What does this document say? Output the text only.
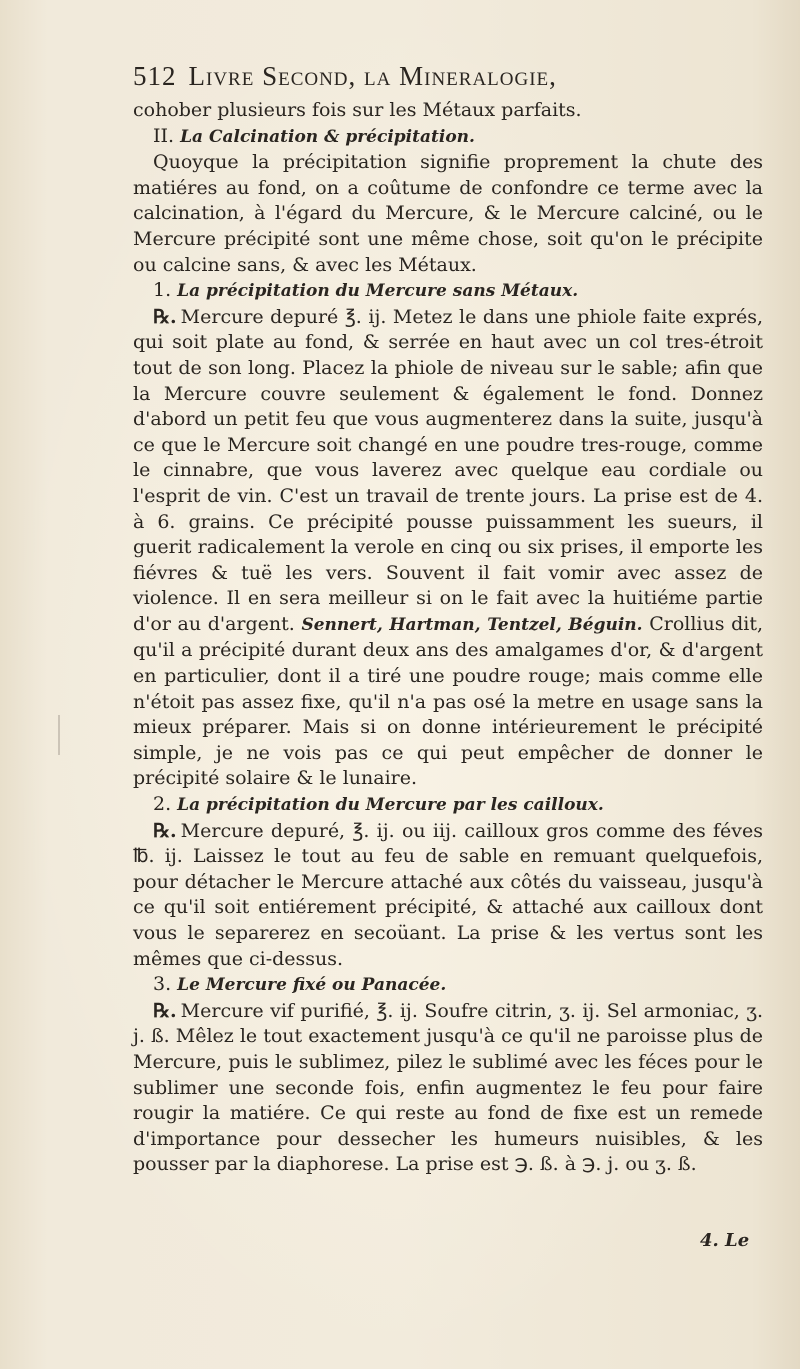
512 Livre Second, la Mineralogie,

cohober plusieurs fois sur les Métaux parfaits.

II. La Calcination & précipitation.

Quoyque la précipitation signifie proprement la chute des matiéres au fond, on a coûtume de confondre ce terme avec la calcination, à l'égard du Mercure, & le Mercure calciné, ou le Mercure précipité sont une même chose, soit qu'on le précipite ou calcine sans, & avec les Métaux.

1. La précipitation du Mercure sans Métaux.

℞. Mercure depuré ℥. ij. Metez le dans une phiole faite exprés, qui soit plate au fond, & serrée en haut avec un col tres-étroit tout de son long. Placez la phiole de niveau sur le sable; afin que la Mercure couvre seulement & également le fond. Donnez d'abord un petit feu que vous augmenterez dans la suite, jusqu'à ce que le Mercure soit changé en une poudre tres-rouge, comme le cinnabre, que vous laverez avec quelque eau cordiale ou l'esprit de vin. C'est un travail de trente jours. La prise est de 4. à 6. grains. Ce précipité pousse puissamment les sueurs, il guerit radicalement la verole en cinq ou six prises, il emporte les fiévres & tuë les vers. Souvent il fait vomir avec assez de violence. Il en sera meilleur si on le fait avec la huitiéme partie d'or au d'argent. Sennert, Hartman, Tentzel, Béguin. Crollius dit, qu'il a précipité durant deux ans des amalgames d'or, & d'argent en particulier, dont il a tiré une poudre rouge; mais comme elle n'étoit pas assez fixe, qu'il n'a pas osé la metre en usage sans la mieux préparer. Mais si on donne intérieurement le précipité simple, je ne vois pas ce qui peut empêcher de donner le précipité solaire & le lunaire.

2. La précipitation du Mercure par les cailloux.

℞. Mercure depuré, ℥. ij. ou iij. cailloux gros comme des féves ℔. ij. Laissez le tout au feu de sable en remuant quelquefois, pour détacher le Mercure attaché aux côtés du vaisseau, jusqu'à ce qu'il soit entiérement précipité, & attaché aux cailloux dont vous le separerez en secoüant. La prise & les vertus sont les mêmes que ci-dessus.

3. Le Mercure fixé ou Panacée.

℞. Mercure vif purifié, ℥. ij. Soufre citrin, ʒ. ij. Sel armoniac, ʒ. j. ß. Mêlez le tout exactement jusqu'à ce qu'il ne paroisse plus de Mercure, puis le sublimez, pilez le sublimé avec les féces pour le sublimer une seconde fois, enfin augmentez le feu pour faire rougir la matiére. Ce qui reste au fond de fixe est un remede d'importance pour dessecher les humeurs nuisibles, & les pousser par la diaphorese. La prise est ℈. ß. à ℈. j. ou ʒ. ß.

4. Le
